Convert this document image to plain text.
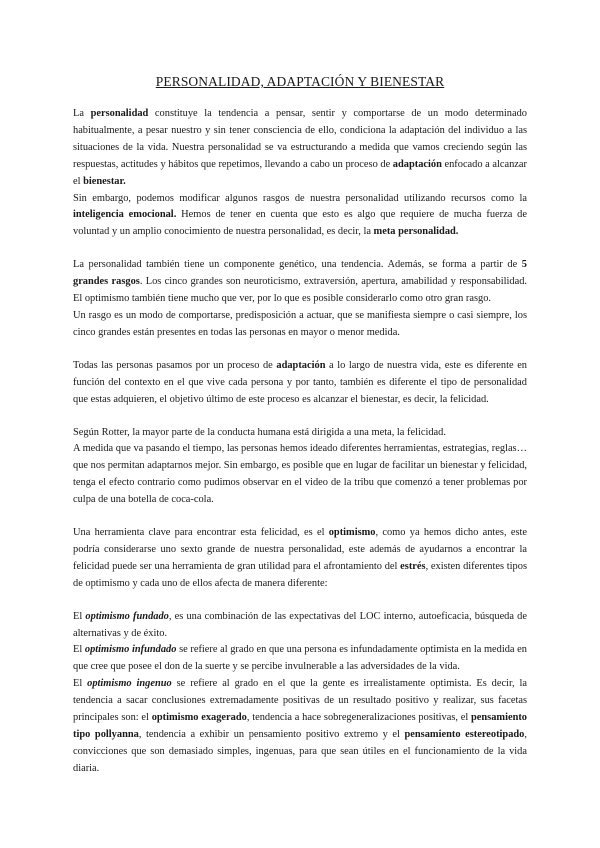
PERSONALIDAD, ADAPTACIÓN Y BIENESTAR

La personalidad constituye la tendencia a pensar, sentir y comportarse de un modo determinado habitualmente, a pesar nuestro y sin tener consciencia de ello, condiciona la adaptación del individuo a las situaciones de la vida. Nuestra personalidad se va estructurando a medida que vamos creciendo según las respuestas, actitudes y hábitos que repetimos, llevando a cabo un proceso de adaptación enfocado a alcanzar el bienestar.

Sin embargo, podemos modificar algunos rasgos de nuestra personalidad utilizando recursos como la inteligencia emocional. Hemos de tener en cuenta que esto es algo que requiere de mucha fuerza de voluntad y un amplio conocimiento de nuestra personalidad, es decir, la meta personalidad.

La personalidad también tiene un componente genético, una tendencia. Además, se forma a partir de 5 grandes rasgos. Los cinco grandes son neuroticismo, extraversión, apertura, amabilidad y responsabilidad. El optimismo también tiene mucho que ver, por lo que es posible considerarlo como otro gran rasgo.

Un rasgo es un modo de comportarse, predisposición a actuar, que se manifiesta siempre o casi siempre, los cinco grandes están presentes en todas las personas en mayor o menor medida.

Todas las personas pasamos por un proceso de adaptación a lo largo de nuestra vida, este es diferente en función del contexto en el que vive cada persona y por tanto, también es diferente el tipo de personalidad que estas adquieren, el objetivo último de este proceso es alcanzar el bienestar, es decir, la felicidad.

Según Rotter, la mayor parte de la conducta humana está dirigida a una meta, la felicidad.

A medida que va pasando el tiempo, las personas hemos ideado diferentes herramientas, estrategias, reglas… que nos permitan adaptarnos mejor. Sin embargo, es posible que en lugar de facilitar un bienestar y felicidad, tenga el efecto contrario como pudimos observar en el video de la tribu que comenzó a tener problemas por culpa de una botella de coca-cola.

Una herramienta clave para encontrar esta felicidad, es el optimismo, como ya hemos dicho antes, este podría considerarse uno sexto grande de nuestra personalidad, este además de ayudarnos a encontrar la felicidad puede ser una herramienta de gran utilidad para el afrontamiento del estrés, existen diferentes tipos de optimismo y cada uno de ellos afecta de manera diferente:

El optimismo fundado, es una combinación de las expectativas del LOC interno, autoeficacia, búsqueda de alternativas y de éxito.

El optimismo infundado se refiere al grado en que una persona es infundadamente optimista en la medida en que cree que posee el don de la suerte y se percibe invulnerable a las adversidades de la vida.

El optimismo ingenuo se refiere al grado en el que la gente es irrealistamente optimista. Es decir, la tendencia a sacar conclusiones extremadamente positivas de un resultado positivo y realizar, sus facetas principales son: el optimismo exagerado, tendencia a hace sobregeneralizaciones positivas, el pensamiento tipo pollyanna, tendencia a exhibir un pensamiento positivo extremo y el pensamiento estereotipado, convicciones que son demasiado simples, ingenuas, para que sean útiles en el funcionamiento de la vida diaria.
